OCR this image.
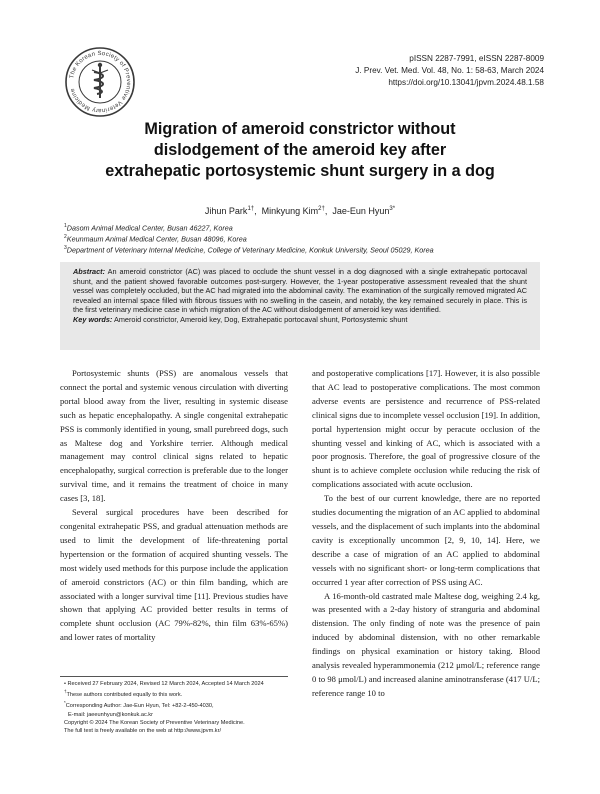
The Korean Society of Preventive Veterinary Medicine
pISSN 2287-7991, eISSN 2287-8009
J. Prev. Vet. Med. Vol. 48, No. 1: 58-63, March 2024
https://doi.org/10.13041/jpvm.2024.48.1.58
Migration of ameroid constrictor without
dislodgement of the ameroid key after
extrahepatic portosystemic shunt surgery in a dog
Jihun Park$^{1\dagger}$,  Minkyung Kim$^{2\dagger}$,  Jae-Eun Hyun$^{3*}$
$^1$Dasom Animal Medical Center, Busan 46227, Korea
$^2$Keunmaum Animal Medical Center, Busan 48096, Korea
$^3$Department of Veterinary Internal Medicine, College of Veterinary Medicine, Konkuk University, Seoul 05029, Korea
Abstract: An ameroid constrictor (AC) was placed to occlude the shunt vessel in a dog diagnosed with a single extrahepatic portocaval shunt, and the patient showed favorable outcomes post-surgery. However, the 1-year postoperative assessment revealed that the shunt vessel was completely occluded, but the AC had migrated into the abdominal cavity. The examination of the surgically removed migrated AC revealed an internal space filled with fibrous tissues with no swelling in the casein, and notably, the key remained securely in place. This is the first veterinary medicine case in which migration of the AC without dislodgement of ameroid key was identified.
Key words: Ameroid constrictor, Ameroid key, Dog, Extrahepatic portocaval shunt, Portosystemic shunt

Portosystemic shunts (PSS) are anomalous vessels that connect the portal and systemic venous circulation with diverting portal blood away from the liver, resulting in systemic disease such as hepatic encephalopathy. A single congenital extrahepatic PSS is commonly identified in young, small purebreed dogs, such as Maltese dog and Yorkshire terrier. Although medical management may control clinical signs related to hepatic encephalopathy, surgical correction is preferable due to the longer survival time, and it remains the treatment of choice in many cases [3, 18].

Several surgical procedures have been described for congenital extrahepatic PSS, and gradual attenuation methods are used to limit the development of life-threatening portal hypertension or the formation of acquired shunting vessels. The most widely used methods for this purpose include the application of ameroid constrictors (AC) or thin film banding, which are associated with a longer survival time [11]. Previous studies have shown that applying AC provided better results in terms of complete shunt occlusion (AC 79%-82%, thin film 63%-65%) and lower rates of mortality

and postoperative complications [17]. However, it is also possible that AC lead to postoperative complications. The most common adverse events are persistence and recurrence of PSS-related clinical signs due to incomplete vessel occlusion [19]. In addition, portal hypertension might occur by peracute occlusion of the shunting vessel and kinking of AC, which is associated with a poor prognosis. Therefore, the goal of progressive closure of the shunt is to achieve complete occlusion while reducing the risk of complications associated with acute occlusion.

To the best of our current knowledge, there are no reported studies documenting the migration of an AC applied to abdominal vessels, and the displacement of such implants into the abdominal cavity is exceptionally uncommon [2, 9, 10, 14]. Here, we describe a case of migration of an AC applied to abdominal vessels with no significant short- or long-term complications that occurred 1 year after correction of PSS using AC.

A 16-month-old castrated male Maltese dog, weighing 2.4 kg, was presented with a 2-day history of stranguria and abdominal distension. The only finding of note was the presence of pain induced by abdominal distension, with no other remarkable findings on physical examination or history taking. Blood analysis revealed hyperammonemia (212 μmol/L; reference range 0 to 98 μmol/L) and increased alanine aminotransferase (417 U/L; reference range 10 to

• Received 27 February 2024, Revised 12 March 2024, Accepted 14 March 2024
†These authors contributed equally to this work.
*Corresponding Author: Jae-Eun Hyun, Tel: +82-2-450-4030,
E-mail: jaeeunhyun@konkuk.ac.kr
Copyright © 2024 The Korean Society of Preventive Veterinary Medicine.
The full text is freely available on the web at http://www.jpvm.kr/
